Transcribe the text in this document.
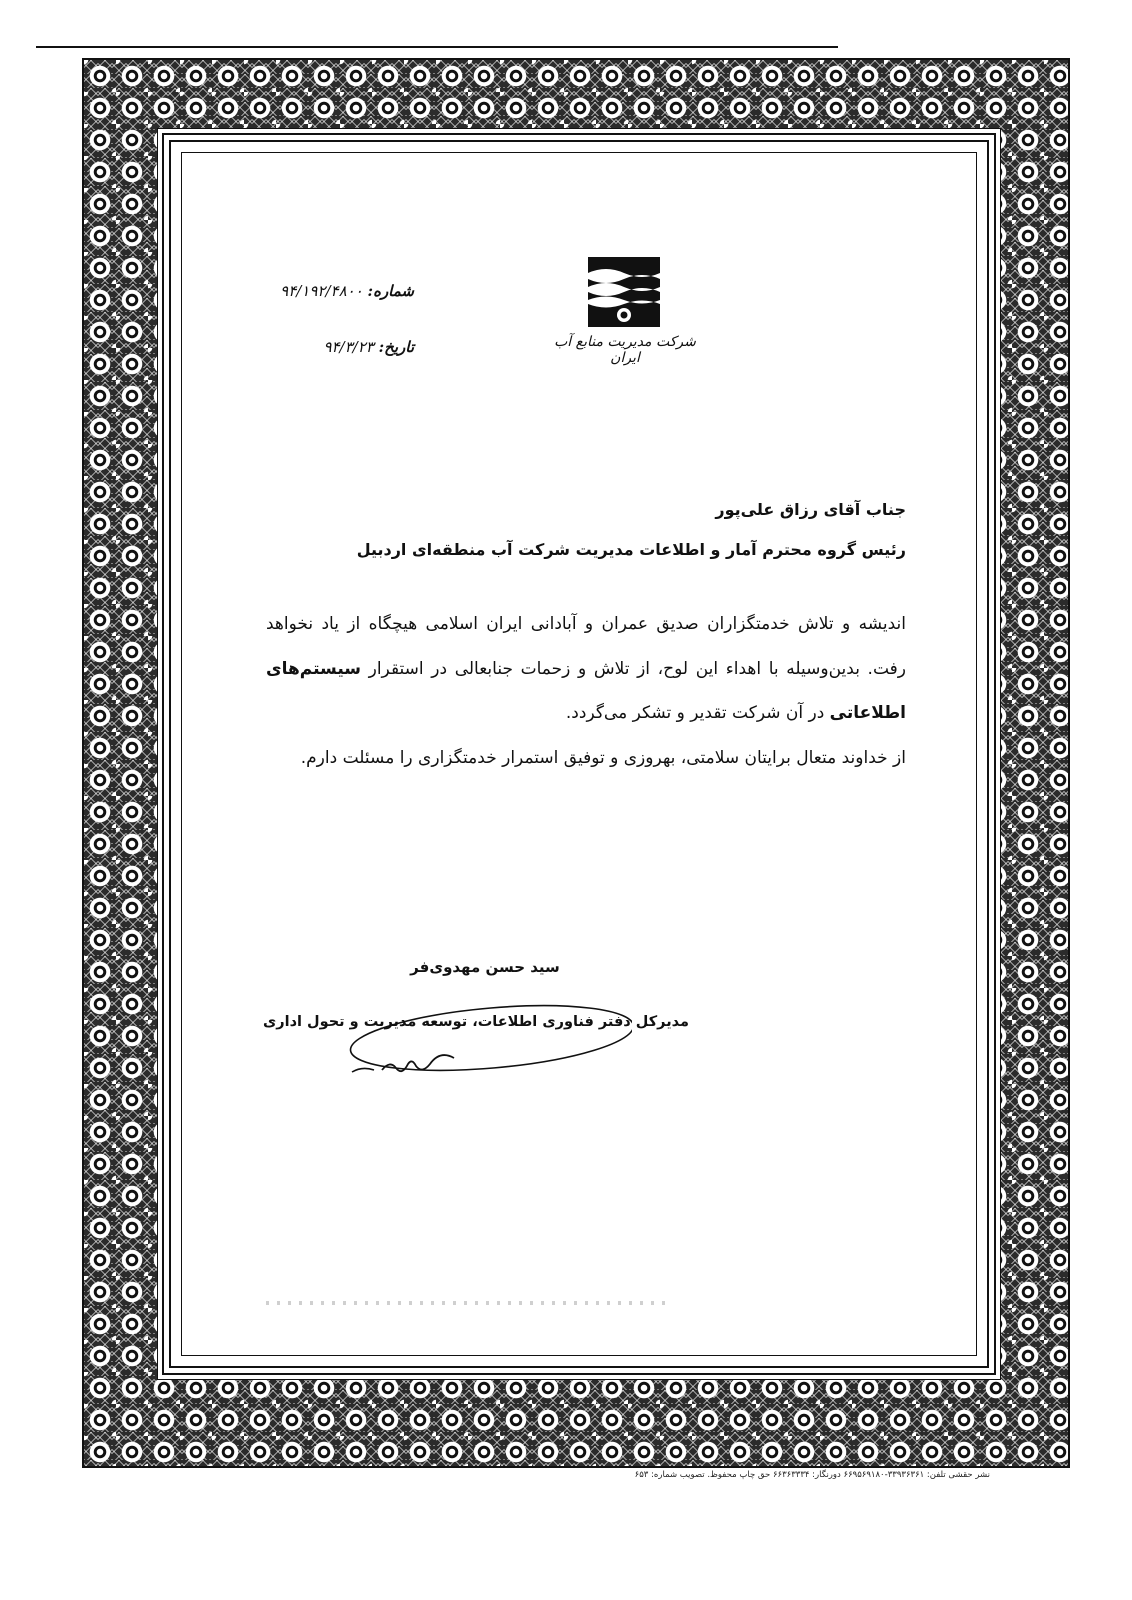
شرکت مدیریت منابع آب ایران
شماره: ۹۴/۱۹۲/۴۸۰۰
تاریخ: ۹۴/۳/۲۳
جناب آقای رزاق علی‌پور
رئیس گروه محترم آمار و اطلاعات مدیریت شرکت آب منطقه‌ای اردبیل

اندیشه و تلاش خدمتگزاران صدیق عمران و آبادانی ایران اسلامی هیچگاه از یاد نخواهد رفت. بدین‌وسیله با اهداء این لوح، از تلاش و زحمات جنابعالی در استقرار سیستم‌های اطلاعاتی در آن شرکت تقدیر و تشکر می‌گردد.

از خداوند متعال برایتان سلامتی، بهروزی و توفیق استمرار خدمتگزاری را مسئلت دارم.

سید حسن مهدوی‌فر
مدیرکل دفتر فناوری اطلاعات، توسعه مدیریت و تحول اداری
نشر حقشی تلفن: ۳۳۹۳۶۳۶۱-۶۶۹۵۶۹۱۸۰ دورنگار: ۶۶۳۶۳۳۳۴ حق چاپ محفوظ. تصویب شماره: ۶۵۳
